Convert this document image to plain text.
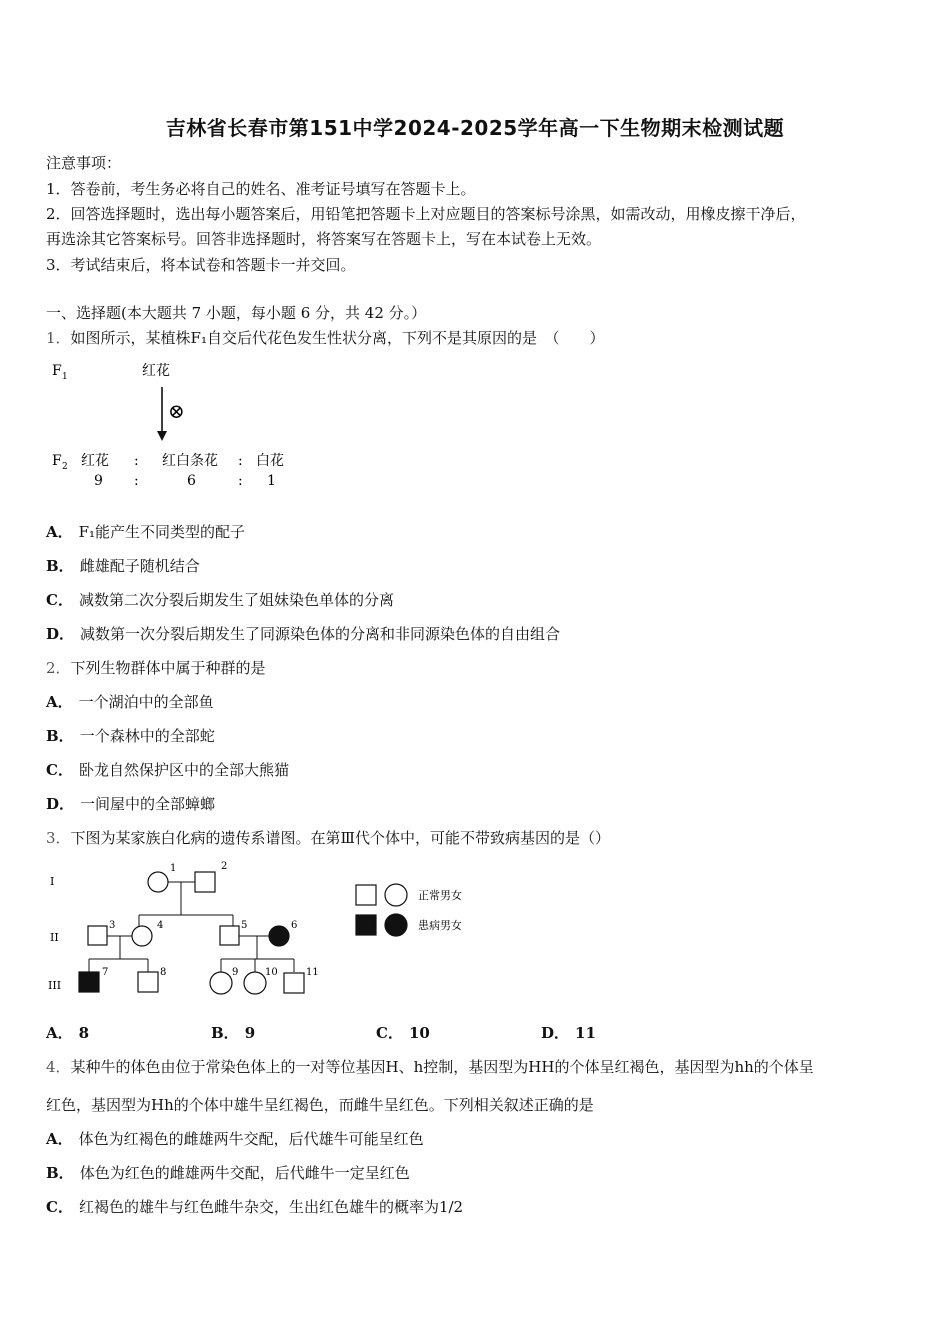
吉林省长春市第151中学2024-2025学年高一下生物期末检测试题
注意事项：
1．答卷前，考生务必将自己的姓名、准考证号填写在答题卡上。
2．回答选择题时，选出每小题答案后，用铅笔把答题卡上对应题目的答案标号涂黑，如需改动，用橡皮擦干净后，
再选涂其它答案标号。回答非选择题时，将答案写在答题卡上，写在本试卷上无效。
3．考试结束后，将本试卷和答题卡一并交回。
一、选择题(本大题共 7 小题，每小题 6 分，共 42 分。）
1．如图所示，某植株F₁自交后代花色发生性状分离，下列不是其原因的是　（　　）
F 1	红花
⊗
F 2 红花 : 红白条花 : 白花
9 :	6	: 1
A． F₁能产生不同类型的配子
B． 雌雄配子随机结合
C． 减数第二次分裂后期发生了姐妹染色单体的分离
D． 减数第一次分裂后期发生了同源染色体的分离和非同源染色体的自由组合
2．下列生物群体中属于种群的是
A． 一个湖泊中的全部鱼
B． 一个森林中的全部蛇
C． 卧龙自然保护区中的全部大熊猫
D． 一间屋中的全部蟑螂
3．下图为某家族白化病的遗传系谱图。在第Ⅲ代个体中，可能不带致病基因的是（）
I
II
III
1	2
3	4	5	6
7	8	9	10	11
正常男女
患病男女
A． 8	B． 9	C． 10	D． 11
4．某种牛的体色由位于常染色体上的一对等位基因H、h控制，基因型为HH的个体呈红褐色，基因型为hh的个体呈
红色，基因型为Hh的个体中雄牛呈红褐色，而雌牛呈红色。下列相关叙述正确的是
A． 体色为红褐色的雌雄两牛交配，后代雄牛可能呈红色
B． 体色为红色的雌雄两牛交配，后代雌牛一定呈红色
C． 红褐色的雄牛与红色雌牛杂交，生出红色雄牛的概率为1/2
